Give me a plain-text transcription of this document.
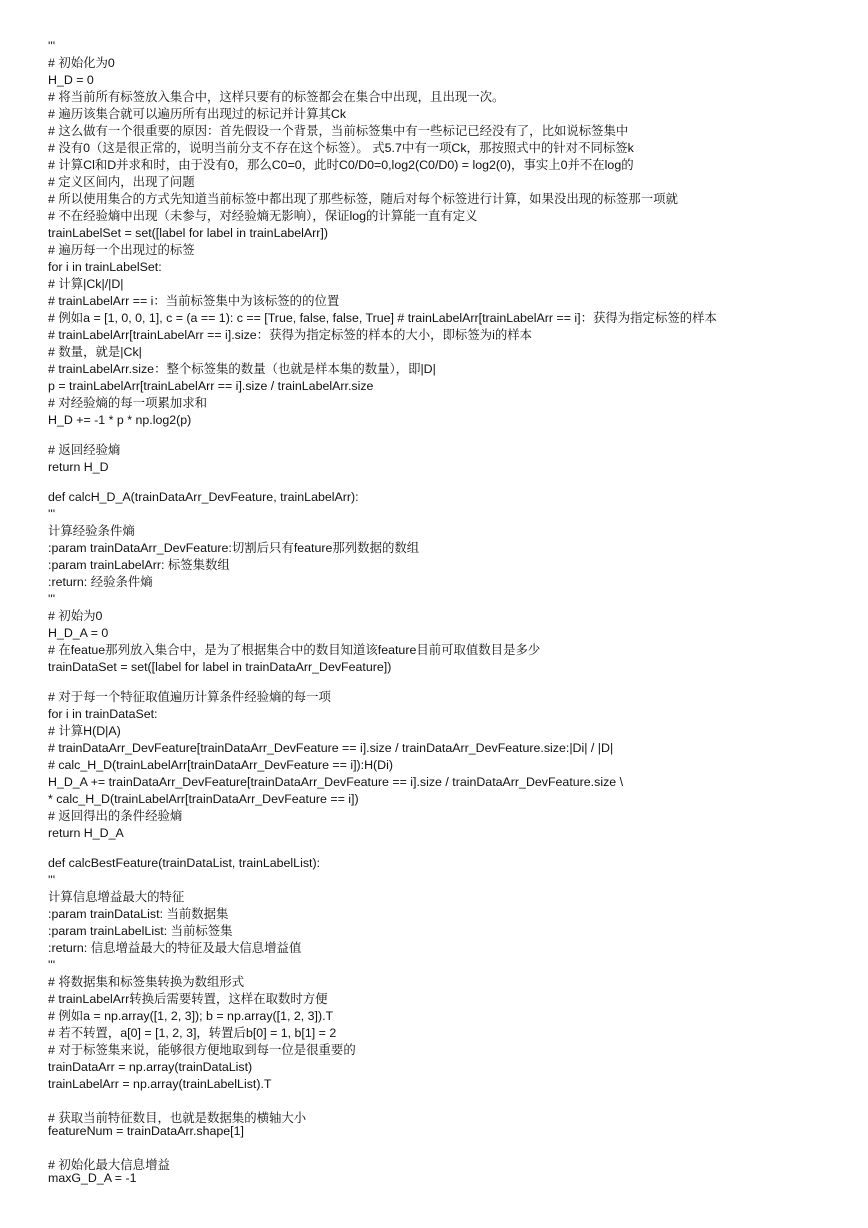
'''
# 初始化为0
H_D = 0
# 将当前所有标签放入集合中，这样只要有的标签都会在集合中出现，且出现一次。
# 遍历该集合就可以遍历所有出现过的标记并计算其Ck
# 这么做有一个很重要的原因：首先假设一个背景，当前标签集中有一些标记已经没有了，比如说标签集中
# 没有0（这是很正常的，说明当前分支不存在这个标签）。 式5.7中有一项Ck，那按照式中的针对不同标签k
# 计算Cl和D并求和时，由于没有0，那么C0=0，此时C0/D0=0,log2(C0/D0) = log2(0)，事实上0并不在log的
# 定义区间内，出现了问题
# 所以使用集合的方式先知道当前标签中都出现了那些标签，随后对每个标签进行计算，如果没出现的标签那一项就
# 不在经验熵中出现（未参与，对经验熵无影响），保证log的计算能一直有定义
trainLabelSet = set([label for label in trainLabelArr])
# 遍历每一个出现过的标签
for i in trainLabelSet:
# 计算|Ck|/|D|
# trainLabelArr == i：当前标签集中为该标签的的位置
# 例如a = [1, 0, 0, 1], c = (a == 1): c == [True, false, false, True] # trainLabelArr[trainLabelArr == i]：获得为指定标签的样本
# trainLabelArr[trainLabelArr == i].size：获得为指定标签的样本的大小，即标签为i的样本
# 数量，就是|Ck|
# trainLabelArr.size：整个标签集的数量（也就是样本集的数量），即|D|
p = trainLabelArr[trainLabelArr == i].size / trainLabelArr.size
# 对经验熵的每一项累加求和
H_D += -1 * p * np.log2(p)
# 返回经验熵
return H_D
def calcH_D_A(trainDataArr_DevFeature, trainLabelArr):
'''
计算经验条件熵
:param trainDataArr_DevFeature:切割后只有feature那列数据的数组
:param trainLabelArr: 标签集数组
:return: 经验条件熵
'''
# 初始为0
H_D_A = 0
# 在featue那列放入集合中，是为了根据集合中的数目知道该feature目前可取值数目是多少
trainDataSet = set([label for label in trainDataArr_DevFeature])
# 对于每一个特征取值遍历计算条件经验熵的每一项
for i in trainDataSet:
# 计算H(D|A)
# trainDataArr_DevFeature[trainDataArr_DevFeature == i].size / trainDataArr_DevFeature.size:|Di| / |D|
# calc_H_D(trainLabelArr[trainDataArr_DevFeature == i]):H(Di)
H_D_A += trainDataArr_DevFeature[trainDataArr_DevFeature == i].size / trainDataArr_DevFeature.size \
* calc_H_D(trainLabelArr[trainDataArr_DevFeature == i])
# 返回得出的条件经验熵
return H_D_A
def calcBestFeature(trainDataList, trainLabelList):
'''
计算信息增益最大的特征
:param trainDataList: 当前数据集
:param trainLabelList: 当前标签集
:return: 信息增益最大的特征及最大信息增益值
'''
# 将数据集和标签集转换为数组形式
# trainLabelArr转换后需要转置，这样在取数时方便
# 例如a = np.array([1, 2, 3]); b = np.array([1, 2, 3]).T
# 若不转置，a[0] = [1, 2, 3]，转置后b[0] = 1, b[1] = 2
# 对于标签集来说，能够很方便地取到每一位是很重要的
trainDataArr = np.array(trainDataList)
trainLabelArr = np.array(trainLabelList).T
# 获取当前特征数目，也就是数据集的横轴大小
featureNum = trainDataArr.shape[1]
# 初始化最大信息增益
maxG_D_A = -1
